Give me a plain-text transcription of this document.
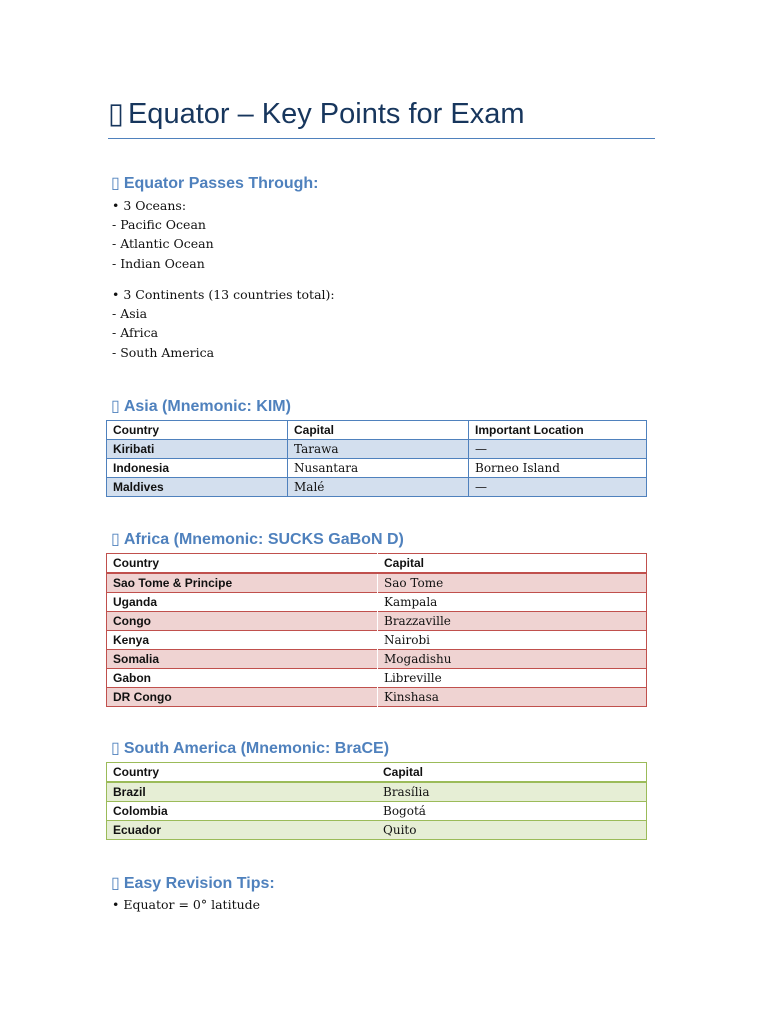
▯ Equator – Key Points for Exam
▯ Equator Passes Through:
• 3 Oceans:
- Pacific Ocean
- Atlantic Ocean
- Indian Ocean
• 3 Continents (13 countries total):
- Asia
- Africa
- South America
▯ Asia (Mnemonic: KIM)
Country	Capital	Important Location
Kiribati	Tarawa	—
Indonesia	Nusantara	Borneo Island
Maldives	Malé	—
▯ Africa (Mnemonic: SUCKS GaBoN D)
Country	Capital
Sao Tome & Principe	Sao Tome
Uganda	Kampala
Congo	Brazzaville
Kenya	Nairobi
Somalia	Mogadishu
Gabon	Libreville
DR Congo	Kinshasa
▯ South America (Mnemonic: BraCE)
Country	Capital
Brazil	Brasília
Colombia	Bogotá
Ecuador	Quito
▯ Easy Revision Tips:
• Equator = 0° latitude
